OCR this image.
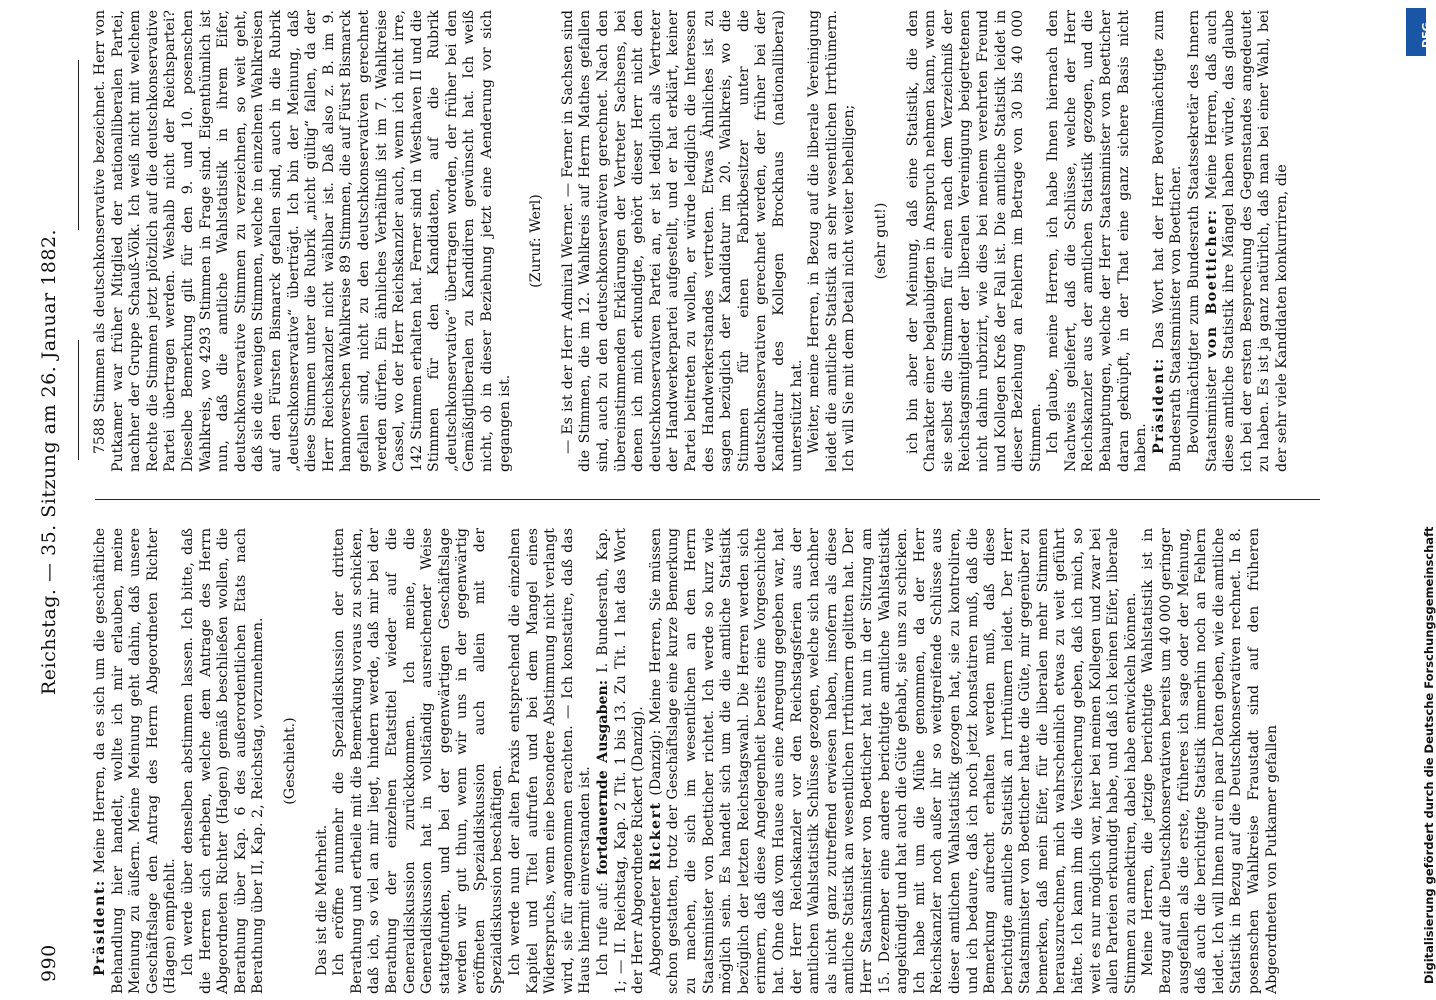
990
Reichstag. — 35. Sitzung am 26. Januar 1882.

Präsident: Meine Herren, da es sich um die geschäftliche Behandlung hier handelt, wollte ich mir erlauben, meine Meinung zu äußern. Meine Meinung geht dahin, daß unsere Geschäftslage den Antrag des Herrn Abgeordneten Richter (Hagen) empfiehlt. Ich werde über denselben abstimmen lassen. Ich bitte, daß die Herren sich erheben, welche dem Antrage des Herrn Abgeordneten Richter (Hagen) gemäß beschließen wollen, die Berathung über Kap. 6 des außerordentlichen Etats nach Berathung über II, Kap. 2, Reichstag, vorzunehmen. (Geschieht.)

Das ist die Mehrheit. Ich eröffne nunmehr die Spezialdiskussion der dritten Berathung und ertheile mit die Bemerkung voraus zu schicken, daß ich, so viel an mir liegt, hindern werde, daß mir bei der Berathung der einzelnen Etatstitel wieder auf die Generaldiskussion zurückkommen. Ich meine, die Generaldiskussion hat in vollständig ausreichender Weise stattgefunden, und bei der gegenwärtigen Geschäftslage werden wir gut thun, wenn wir uns in der gegenwärtig eröffneten Spezialdiskussion auch allein mit der Spezialdiskussion beschäftigen. Ich werde nun der alten Praxis entsprechend die einzelnen Kapitel und Titel aufrufen und bei dem Mangel eines Widerspruchs, wenn eine besondere Abstimmung nicht verlangt wird, sie für angenommen erachten. — Ich konstatire, daß das Haus hiermit einverstanden ist. Ich rufe auf: fortdauernde Ausgaben: I. Bundesrath, Kap. 1; — II. Reichstag, Kap. 2 Tit. 1 bis 13. Zu Tit. 1 hat das Wort der Herr Abgeordnete Rickert (Danzig). Abgeordneter Rickert (Danzig): Meine Herren, Sie müssen schon gestatten, trotz der Geschäftslage eine kurze Bemerkung zu machen, die sich im wesentlichen an den Herrn Staatsminister von Boetticher richtet. Ich werde so kurz wie möglich sein. Es handelt sich um die die amtliche Statistik bezüglich der letzten Reichstagswahl. Die Herren werden sich erinnern, daß diese Angelegenheit bereits eine Vorgeschichte hat. Ohne daß vom Hause aus eine Anregung gegeben war, hat der Herr Reichskanzler vor den Reichstagsferien aus der amtlichen Wahlstatistik Schlüsse gezogen, welche sich nachher als nicht ganz zutreffend erwiesen haben, insofern als diese amtliche Statistik an wesentlichen Irrthümern gelitten hat. Der Herr Staatsminister von Boetticher hat nun in der Sitzung am 15. Dezember eine andere berichtigte amtliche Wahlstatistik angekündigt und hat auch die Güte gehabt, sie uns zu schicken. Ich habe mit um die Mühe genommen, da der Herr Reichskanzler noch außer ihr so weitgreifende Schlüsse aus dieser amtlichen Wahlstatistik gezogen hat, sie zu kontroliren, und ich bedaure, daß ich noch jetzt konstatiren muß, daß die Bemerkung aufrecht erhalten werden muß, daß diese berichtigte amtliche Statistik an Irrthümern leidet. Der Herr Staatsminister von Boetticher hatte die Güte, mir gegenüber zu bemerken, daß mein Eifer, für die liberalen mehr Stimmen herauszurechnen, mich wahrscheinlich etwas zu weit geführt hätte. Ich kann ihm die Versicherung geben, daß ich mich, so weit es nur möglich war, hier bei meinen Kollegen und zwar bei allen Parteien erkundigt habe, und daß ich keinen Eifer, liberale Stimmen zu annektiren, dabei habe entwickeln können. Meine Herren, die jetzige berichtigte Wahlstatistik ist in Bezug auf die Deutschkonservativen bereits um 40 000 geringer ausgefallen als die erste, früheres ich sage oder der Meinung, daß auch die berichtigte Statistik immerhin noch an Fehlern leidet. Ich will Ihnen nur ein paar Daten geben, wie die amtliche Statistik in Bezug auf die Deutschkonservativen rechnet. In 8. posenschen Wahlkreise Fraustadt sind auf den früheren Abgeordneten von Putkamer gefallen

7588 Stimmen als deutschkonservative bezeichnet. Herr von Putkamer war früher Mitglied der nationalliberalen Partei, nachher der Gruppe Schauß-Völk. Ich weiß nicht mit welchem Rechte die Stimmen jetzt plötzlich auf die deutschkonservative Partei übertragen werden. Weshalb nicht der Reichspartei? Dieselbe Bemerkung gilt für den 9. und 10. posenschen Wahlkreis, wo 4293 Stimmen in Frage sind. Eigenthümlich ist nun, daß die amtliche Wahlstatistik in ihrem Eifer, deutschkonservative Stimmen zu verzeichnen, so weit geht, daß sie die wenigen Stimmen, welche in einzelnen Wahlkreisen auf den Fürsten Bismarck gefallen sind, auch in die Rubrik „deutschkonservative“ überträgt. Ich bin der Meinung, daß diese Stimmen unter die Rubrik „nicht gültig“ fallen, da der Herr Reichskanzler nicht wählbar ist. Daß also z. B. im 9. hannoverschen Wahlkreise 89 Stimmen, die auf Fürst Bismarck gefallen sind, nicht zu den deutschkonservativen gerechnet werden dürfen. Ein ähnliches Verhältniß ist im 7. Wahlkreise Cassel, wo der Herr Reichskanzler auch, wenn ich nicht irre, 142 Stimmen erhalten hat. Ferner sind in Westhaven II und die Stimmen für den Kandidaten, auf die Rubrik „deutschkonservative“ übertragen worden, der früher bei den Gemäßigtliberalen zu Kandidiren gewünscht hat. Ich weiß nicht, ob in dieser Beziehung jetzt eine Aenderung vor sich gegangen ist.

(Zuruf: Werl) — Es ist der Herr Admiral Werner. — Ferner in Sachsen sind die Stimmen, die im 12. Wahlkreis auf Herrn Mathes gefallen sind, auch zu den deutschkonservativen gerechnet. Nach den übereinstimmenden Erklärungen der Vertreter Sachsens, bei denen ich mich erkundigte, gehört dieser Herr nicht den deutschkonservativen Partei an, er ist lediglich als Vertreter der Handwerkerpartei aufgestellt, und er hat erklärt, keiner Partei beitreten zu wollen, er würde lediglich die Interessen des Handwerkerstandes vertreten. Etwas Ähnliches ist zu sagen bezüglich der Kandidatur im 20. Wahlkreis, wo die Stimmen für einen Fabrikbesitzer unter die deutschkonservativen gerechnet werden, der früher bei der Kandidatur des Kollegen Brockhaus (nationalliberal) unterstützt hat. Weiter, meine Herren, in Bezug auf die liberale Vereinigung leidet die amtliche Statistik an sehr wesentlichen Irrthümern. Ich will Sie mit dem Detail nicht weiter behelligen; (sehr gut!) ich bin aber der Meinung, daß eine Statistik, die den Charakter einer beglaubigten in Anspruch nehmen kann, wenn sie selbst die Stimmen für einen nach dem Verzeichniß der Reichstagsmitglieder der liberalen Vereinigung beigetretenen nicht dahin rubrizirt, wie dies bei meinem verehrten Freund und Kollegen Kreß der Fall ist. Die amtliche Statistik leidet in dieser Beziehung an Fehlern im Betrage von 30 bis 40 000 Stimmen. Ich glaube, meine Herren, ich habe Ihnen hiernach den Nachweis geliefert, daß die Schlüsse, welche der Herr Reichskanzler aus der amtlichen Statistik gezogen, und die Behauptungen, welche der Herr Staatsminister von Boetticher daran geknüpft, in der That eine ganz sichere Basis nicht haben. Präsident: Das Wort hat der Herr Bevollmächtigte zum Bundesrath Staatsminister von Boetticher. Bevollmächtigter zum Bundesrath Staatssekretär des Innern Staatsminister von Boetticher: Meine Herren, daß auch diese amtliche Statistik ihre Mängel haben würde, das glaube ich bei der ersten Besprechung des Gegenstandes angedeutet zu haben. Es ist ja ganz natürlich, daß man bei einer Wahl, bei der sehr viele Kandidaten konkurriren, die

DFG
Digitalisierung gefördert durch die Deutsche Forschungsgemeinschaft
